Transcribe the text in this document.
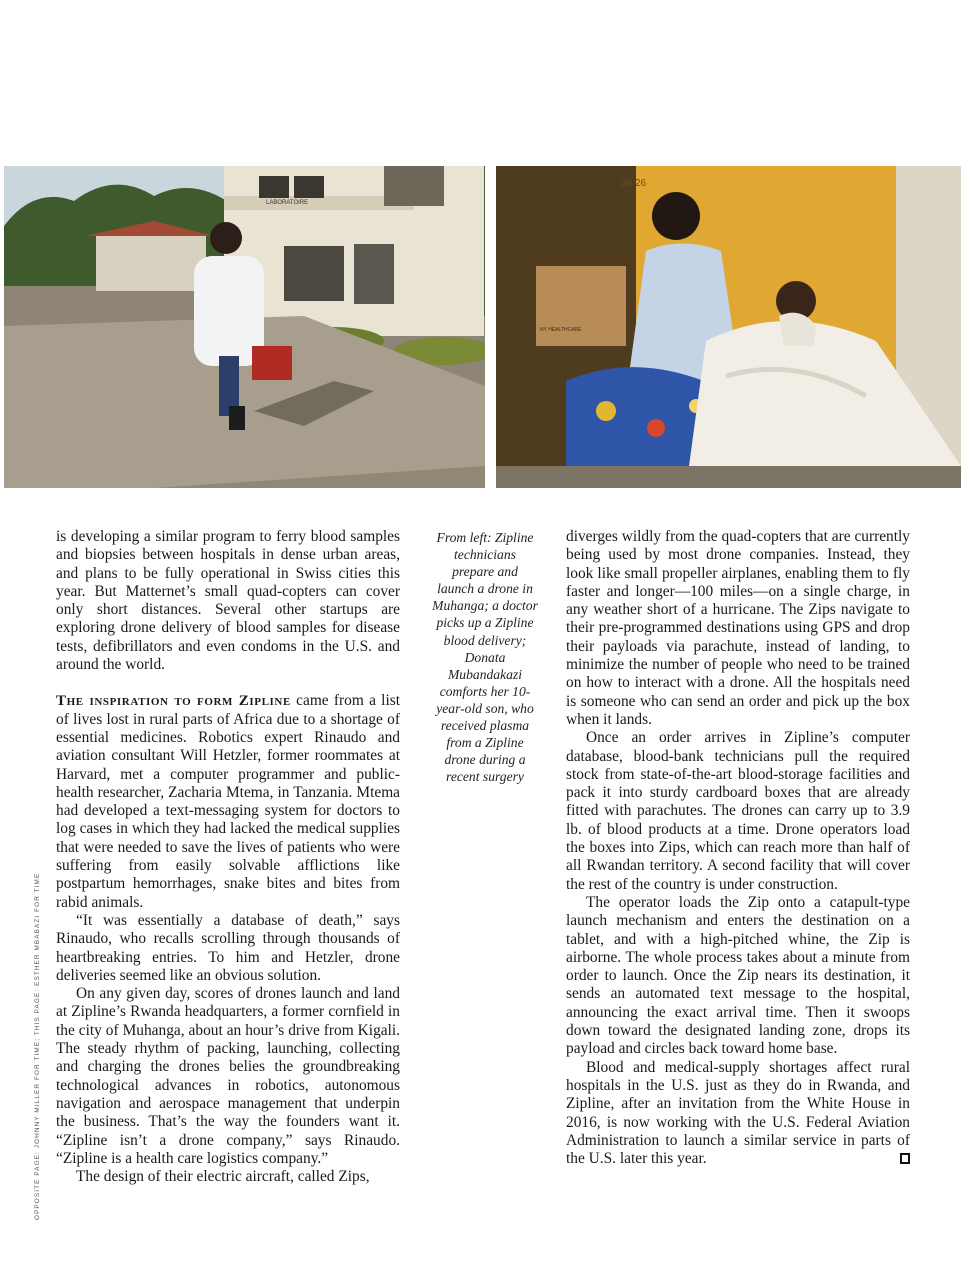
LABORATOIRE
36 26
NY HEALTHCARE

is developing a similar program to ferry blood samples and biopsies between hospitals in dense urban areas, and plans to be fully operational in Swiss cities this year. But Matternet’s small quad-copters can cover only short distances. Several other startups are exploring drone delivery of blood samples for disease tests, defibrillators and even condoms in the U.S. and around the world.

The inspiration to form Zipline came from a list of lives lost in rural parts of Africa due to a shortage of essential medicines. Robotics expert Rinaudo and aviation consultant Will Hetzler, former roommates at Harvard, met a computer programmer and public-health researcher, Zacharia Mtema, in Tanzania. Mtema had developed a text-messaging system for doctors to log cases in which they had lacked the medical supplies that were needed to save the lives of patients who were suffering from easily solvable afflictions like postpartum hemorrhages, snake bites and bites from rabid animals.

“It was essentially a database of death,” says Rinaudo, who recalls scrolling through thousands of heartbreaking entries. To him and Hetzler, drone deliveries seemed like an obvious solution.

On any given day, scores of drones launch and land at Zipline’s Rwanda headquarters, a former cornfield in the city of Muhanga, about an hour’s drive from Kigali. The steady rhythm of packing, launching, collecting and charging the drones belies the groundbreaking technological advances in robotics, autonomous navigation and aerospace management that underpin the business. That’s the way the founders want it. “Zipline isn’t a drone company,” says Rinaudo. “Zipline is a health care logistics company.”

The design of their electric aircraft, called Zips,

From left: Zipline technicians prepare and launch a drone in Muhanga; a doctor picks up a Zipline blood delivery; Donata Mubandakazi comforts her 10-year-old son, who received plasma from a Zipline drone during a recent surgery

diverges wildly from the quad-copters that are currently being used by most drone companies. Instead, they look like small propeller airplanes, enabling them to fly faster and longer—100 miles—on a single charge, in any weather short of a hurricane. The Zips navigate to their pre-programmed destinations using GPS and drop their payloads via parachute, instead of landing, to minimize the number of people who need to be trained on how to interact with a drone. All the hospitals need is someone who can send an order and pick up the box when it lands.

Once an order arrives in Zipline’s computer database, blood-bank technicians pull the required stock from state-of-the-art blood-storage facilities and pack it into sturdy cardboard boxes that are already fitted with parachutes. The drones can carry up to 3.9 lb. of blood products at a time. Drone operators load the boxes into Zips, which can reach more than half of all Rwandan territory. A second facility that will cover the rest of the country is under construction.

The operator loads the Zip onto a catapult-type launch mechanism and enters the destination on a tablet, and with a high-pitched whine, the Zip is airborne. The whole process takes about a minute from order to launch. Once the Zip nears its destination, it sends an automated text message to the hospital, announcing the exact arrival time. Then it swoops down toward the designated landing zone, drops its payload and circles back toward home base.

Blood and medical-supply shortages affect rural hospitals in the U.S. just as they do in Rwanda, and Zipline, after an invitation from the White House in 2016, is now working with the U.S. Federal Aviation Administration to launch a similar service in parts of the U.S. later this year.

OPPOSITE PAGE: JOHNNY MILLER FOR TIME; THIS PAGE: ESTHER MBABAZI FOR TIME
